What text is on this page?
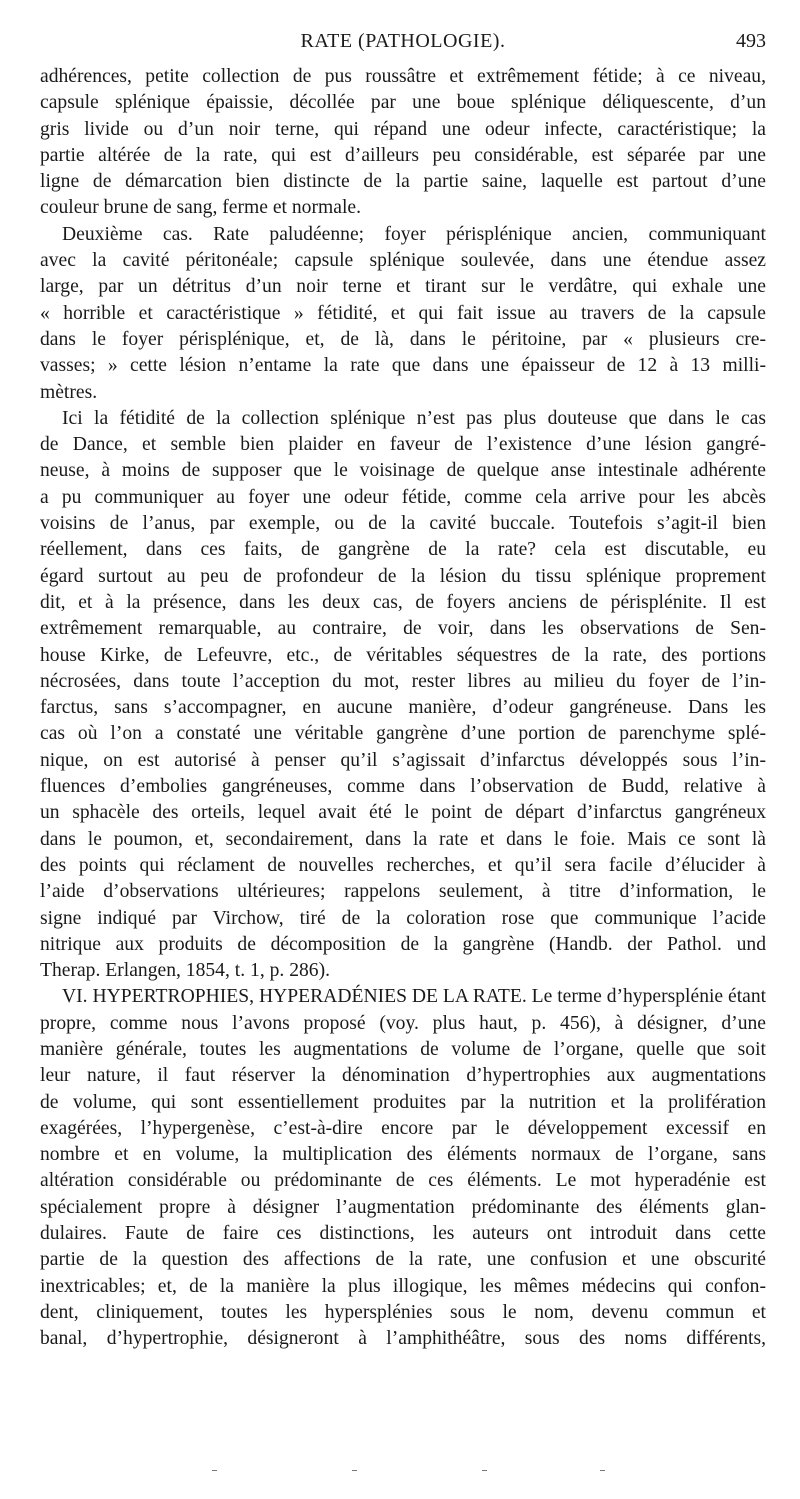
RATE (PATHOLOGIE).	493
adhérences, petite collection de pus roussâtre et extrêmement fétide; à ce niveau,
capsule splénique épaissie, décollée par une boue splénique déliquescente, d’un
gris livide ou d’un noir terne, qui répand une odeur infecte, caractéristique; la
partie altérée de la rate, qui est d’ailleurs peu considérable, est séparée par une
ligne de démarcation bien distincte de la partie saine, laquelle est partout d’une
couleur brune de sang, ferme et normale.
Deuxième cas. Rate paludéenne; foyer périsplénique ancien, communiquant
avec la cavité péritonéale; capsule splénique soulevée, dans une étendue assez
large, par un détritus d’un noir terne et tirant sur le verdâtre, qui exhale une
« horrible et caractéristique » fétidité, et qui fait issue au travers de la capsule
dans le foyer périsplénique, et, de là, dans le péritoine, par « plusieurs cre-
vasses; » cette lésion n’entame la rate que dans une épaisseur de 12 à 13 milli-
mètres.
Ici la fétidité de la collection splénique n’est pas plus douteuse que dans le cas
de Dance, et semble bien plaider en faveur de l’existence d’une lésion gangré-
neuse, à moins de supposer que le voisinage de quelque anse intestinale adhérente
a pu communiquer au foyer une odeur fétide, comme cela arrive pour les abcès
voisins de l’anus, par exemple, ou de la cavité buccale. Toutefois s’agit-il bien
réellement, dans ces faits, de gangrène de la rate? cela est discutable, eu
égard surtout au peu de profondeur de la lésion du tissu splénique proprement
dit, et à la présence, dans les deux cas, de foyers anciens de périsplénite. Il est
extrêmement remarquable, au contraire, de voir, dans les observations de Sen-
house Kirke, de Lefeuvre, etc., de véritables séquestres de la rate, des portions
nécrosées, dans toute l’acception du mot, rester libres au milieu du foyer de l’in-
farctus, sans s’accompagner, en aucune manière, d’odeur gangréneuse. Dans les
cas où l’on a constaté une véritable gangrène d’une portion de parenchyme splé-
nique, on est autorisé à penser qu’il s’agissait d’infarctus développés sous l’in-
fluences d’embolies gangréneuses, comme dans l’observation de Budd, relative à
un sphacèle des orteils, lequel avait été le point de départ d’infarctus gangréneux
dans le poumon, et, secondairement, dans la rate et dans le foie. Mais ce sont là
des points qui réclament de nouvelles recherches, et qu’il sera facile d’élucider à
l’aide d’observations ultérieures; rappelons seulement, à titre d’information, le
signe indiqué par Virchow, tiré de la coloration rose que communique l’acide
nitrique aux produits de décomposition de la gangrène (Handb. der Pathol. und
Therap. Erlangen, 1854, t. 1, p. 286).
VI. HYPERTROPHIES, HYPERADÉNIES DE LA RATE. Le terme d’hypersplénie étant
propre, comme nous l’avons proposé (voy. plus haut, p. 456), à désigner, d’une
manière générale, toutes les augmentations de volume de l’organe, quelle que soit
leur nature, il faut réserver la dénomination d’hypertrophies aux augmentations
de volume, qui sont essentiellement produites par la nutrition et la prolifération
exagérées, l’hypergenèse, c’est-à-dire encore par le développement excessif en
nombre et en volume, la multiplication des éléments normaux de l’organe, sans
altération considérable ou prédominante de ces éléments. Le mot hyperadénie est
spécialement propre à désigner l’augmentation prédominante des éléments glan-
dulaires. Faute de faire ces distinctions, les auteurs ont introduit dans cette
partie de la question des affections de la rate, une confusion et une obscurité
inextricables; et, de la manière la plus illogique, les mêmes médecins qui confon-
dent, cliniquement, toutes les hypersplénies sous le nom, devenu commun et
banal, d’hypertrophie, désigneront à l’amphithéâtre, sous des noms différents,
